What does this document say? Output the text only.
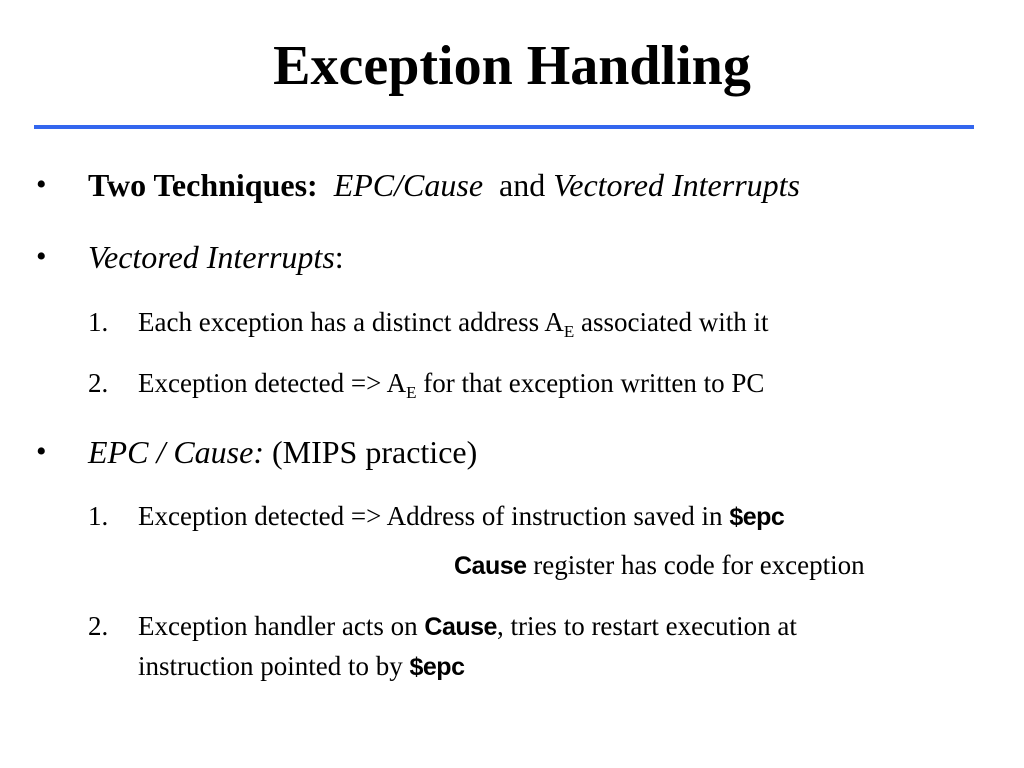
Exception Handling
• Two Techniques: EPC/Cause and Vectored Interrupts
• Vectored Interrupts:
1. Each exception has a distinct address $A_E$ associated with it
2. Exception detected => $A_E$ for that exception written to PC
• EPC / Cause: (MIPS practice)
1. Exception detected => Address of instruction saved in $epc
Cause register has code for exception
2. Exception handler acts on Cause, tries to restart execution at
instruction pointed to by $epc
